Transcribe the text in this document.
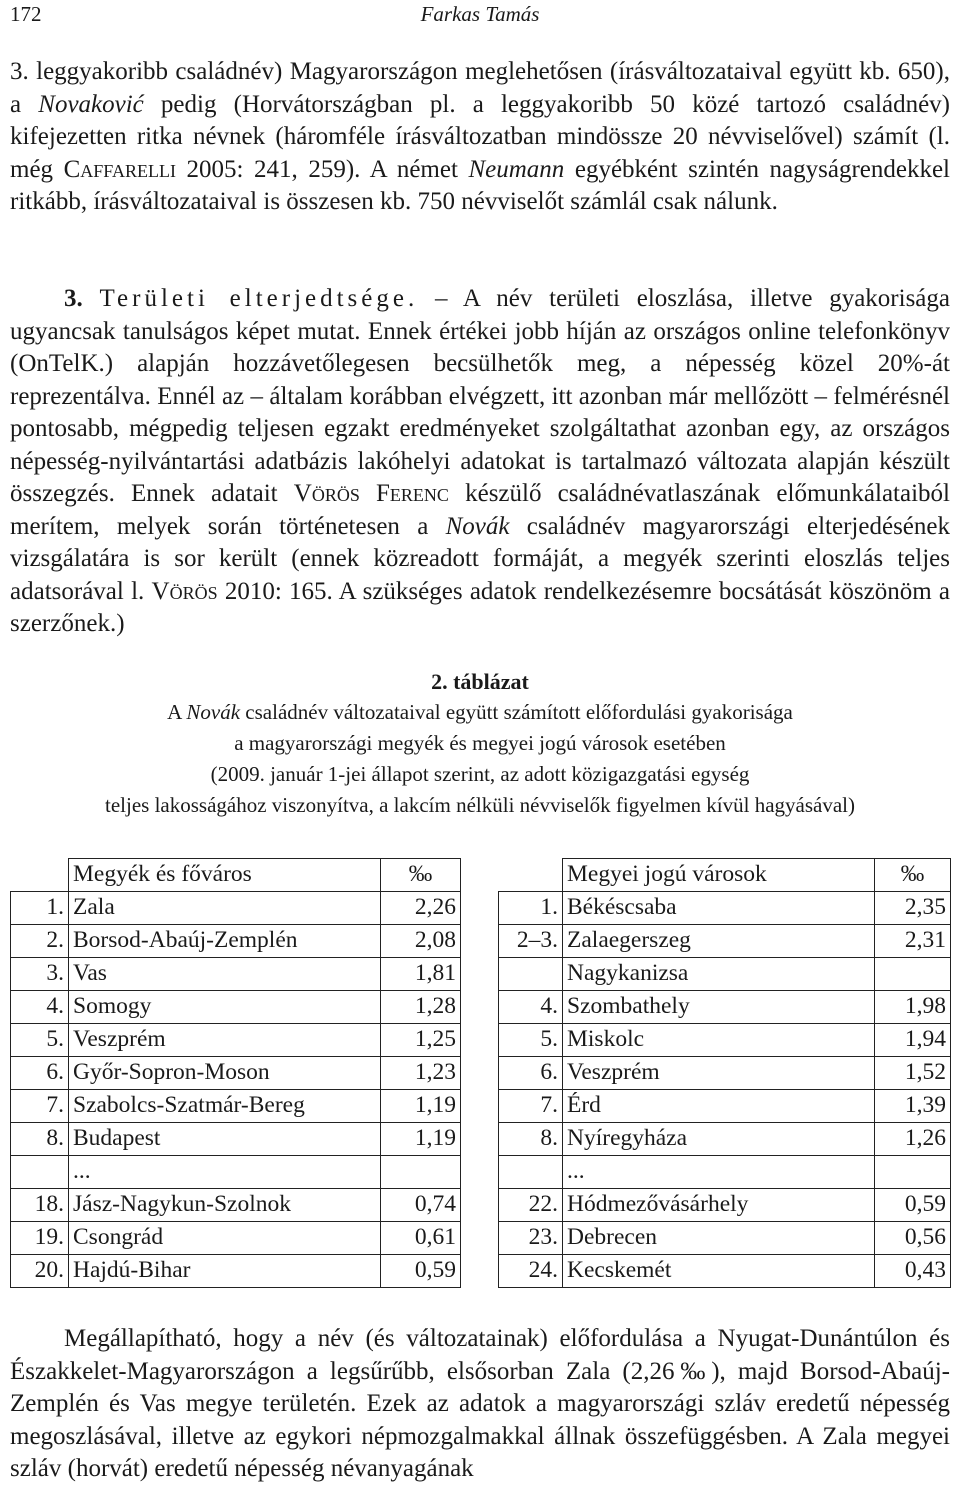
172	Farkas Tamás

3. leggyakoribb családnév) Magyarországon meglehetősen (írásváltozataival együtt kb. 650), a Novaković pedig (Horvátországban pl. a leggyakoribb 50 közé tartozó családnév) kifejezetten ritka névnek (háromféle írásváltozatban mindössze 20 névviselővel) számít (l. még Caffarelli 2005: 241, 259). A német Neumann egyébként szintén nagyságrendekkel ritkább, írásváltozataival is összesen kb. 750 névviselőt számlál csak nálunk.

3. Területi elterjedtsége. – A név területi eloszlása, illetve gyakorisága ugyancsak tanulságos képet mutat. Ennek értékei jobb híján az országos online telefonkönyv (OnTelK.) alapján hozzávetőlegesen becsülhetők meg, a népesség közel 20%-át reprezentálva. Ennél az – általam korábban elvégzett, itt azonban már mellőzött – felmérésnél pontosabb, mégpedig teljesen egzakt eredményeket szolgáltathat azonban egy, az országos népesség-nyilvántartási adatbázis lakóhelyi adatokat is tartalmazó változata alapján készült összegzés. Ennek adatait Vörös Ferenc készülő családnévatlaszának előmunkálataiból merítem, melyek során történetesen a Novák családnév magyarországi elterjedésének vizsgálatára is sor került (ennek közreadott formáját, a megyék szerinti eloszlás teljes adatsorával l. Vörös 2010: 165. A szükséges adatok rendelkezésemre bocsátását köszönöm a szerzőnek.)

2. táblázat
A Novák családnév változataival együtt számított előfordulási gyakorisága
a magyarországi megyék és megyei jogú városok esetében
(2009. január 1-jei állapot szerint, az adott közigazgatási egység
teljes lakosságához viszonyítva, a lakcím nélküli névviselők figyelmen kívül hagyásával)
	Megyék és főváros	‰
1.	Zala	2,26
2.	Borsod-Abaúj-Zemplén	2,08
3.	Vas	1,81
4.	Somogy	1,28
5.	Veszprém	1,25
6.	Győr-Sopron-Moson	1,23
7.	Szabolcs-Szatmár-Bereg	1,19
8.	Budapest	1,19
	...	
18.	Jász-Nagykun-Szolnok	0,74
19.	Csongrád	0,61
20.	Hajdú-Bihar	0,59
	Megyei jogú városok	‰
1.	Békéscsaba	2,35
2–3.	Zalaegerszeg	2,31
	Nagykanizsa	
4.	Szombathely	1,98
5.	Miskolc	1,94
6.	Veszprém	1,52
7.	Érd	1,39
8.	Nyíregyháza	1,26
	...	
22.	Hódmezővásárhely	0,59
23.	Debrecen	0,56
24.	Kecskemét	0,43

Megállapítható, hogy a név (és változatainak) előfordulása a Nyugat-Dunántúlon és Északkelet-Magyarországon a legsűrűbb, elsősorban Zala (2,26‰), majd Borsod-Abaúj-Zemplén és Vas megye területén. Ezek az adatok a magyarországi szláv eredetű népesség megoszlásával, illetve az egykori népmozgalmakkal állnak összefüggésben. A Zala megyei szláv (horvát) eredetű népesség névanyagának
